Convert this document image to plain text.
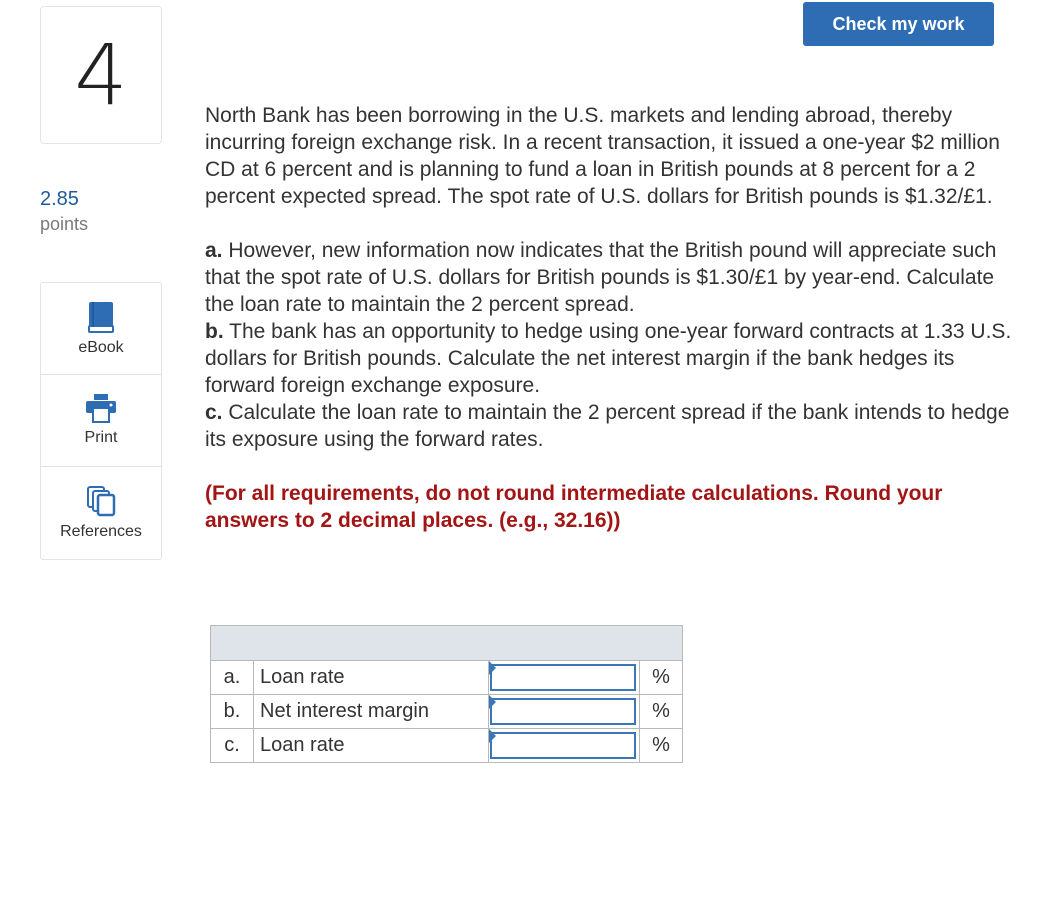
4
2.85
points
eBook
Print
References
Check my work

North Bank has been borrowing in the U.S. markets and lending abroad, thereby incurring foreign exchange risk. In a recent transaction, it issued a one-year $2 million CD at 6 percent and is planning to fund a loan in British pounds at 8 percent for a 2 percent expected spread. The spot rate of U.S. dollars for British pounds is $1.32/£1.

a. However, new information now indicates that the British pound will appreciate such that the spot rate of U.S. dollars for British pounds is $1.30/£1 by year-end. Calculate the loan rate to maintain the 2 percent spread.

b. The bank has an opportunity to hedge using one-year forward contracts at 1.33 U.S. dollars for British pounds. Calculate the net interest margin if the bank hedges its forward foreign exchange exposure.

c. Calculate the loan rate to maintain the 2 percent spread if the bank intends to hedge its exposure using the forward rates.

(For all requirements, do not round intermediate calculations. Round your answers to 2 decimal places. (e.g., 32.16))

a.	Loan rate		%
b.	Net interest margin		%
c.	Loan rate		%
